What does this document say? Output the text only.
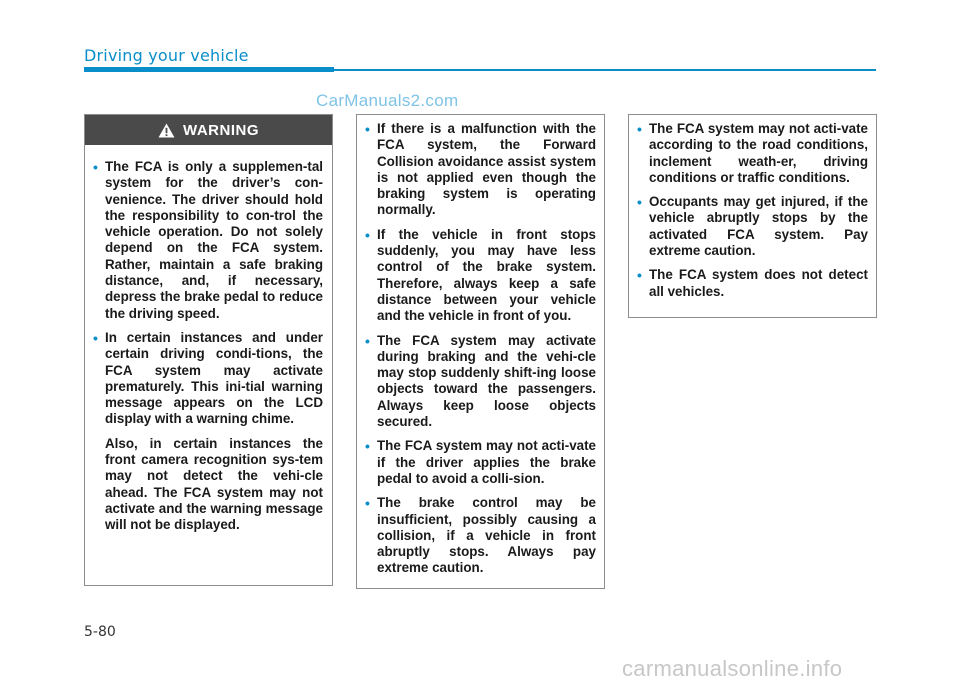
Driving your vehicle
CarManuals2.com
WARNING
• The FCA is only a supplemen-tal system for the driver’s con-venience. The driver should hold the responsibility to con-trol the vehicle operation. Do not solely depend on the FCA system. Rather, maintain a safe braking distance, and, if necessary, depress the brake pedal to reduce the driving speed.
• In certain instances and under certain driving condi-tions, the FCA system may activate prematurely. This ini-tial warning message appears on the LCD display with a warning chime.
Also, in certain instances the front camera recognition sys-tem may not detect the vehi-cle ahead. The FCA system may not activate and the warning message will not be displayed.
• If there is a malfunction with the FCA system, the Forward Collision avoidance assist system is not applied even though the braking system is operating normally.
• If the vehicle in front stops suddenly, you may have less control of the brake system. Therefore, always keep a safe distance between your vehicle and the vehicle in front of you.
• The FCA system may activate during braking and the vehi-cle may stop suddenly shift-ing loose objects toward the passengers. Always keep loose objects secured.
• The FCA system may not acti-vate if the driver applies the brake pedal to avoid a colli-sion.
• The brake control may be insufficient, possibly causing a collision, if a vehicle in front abruptly stops. Always pay extreme caution.
• The FCA system may not acti-vate according to the road conditions, inclement weath-er, driving conditions or traffic conditions.
• Occupants may get injured, if the vehicle abruptly stops by the activated FCA system. Pay extreme caution.
• The FCA system does not detect all vehicles.
5-80
carmanualsonline.info
